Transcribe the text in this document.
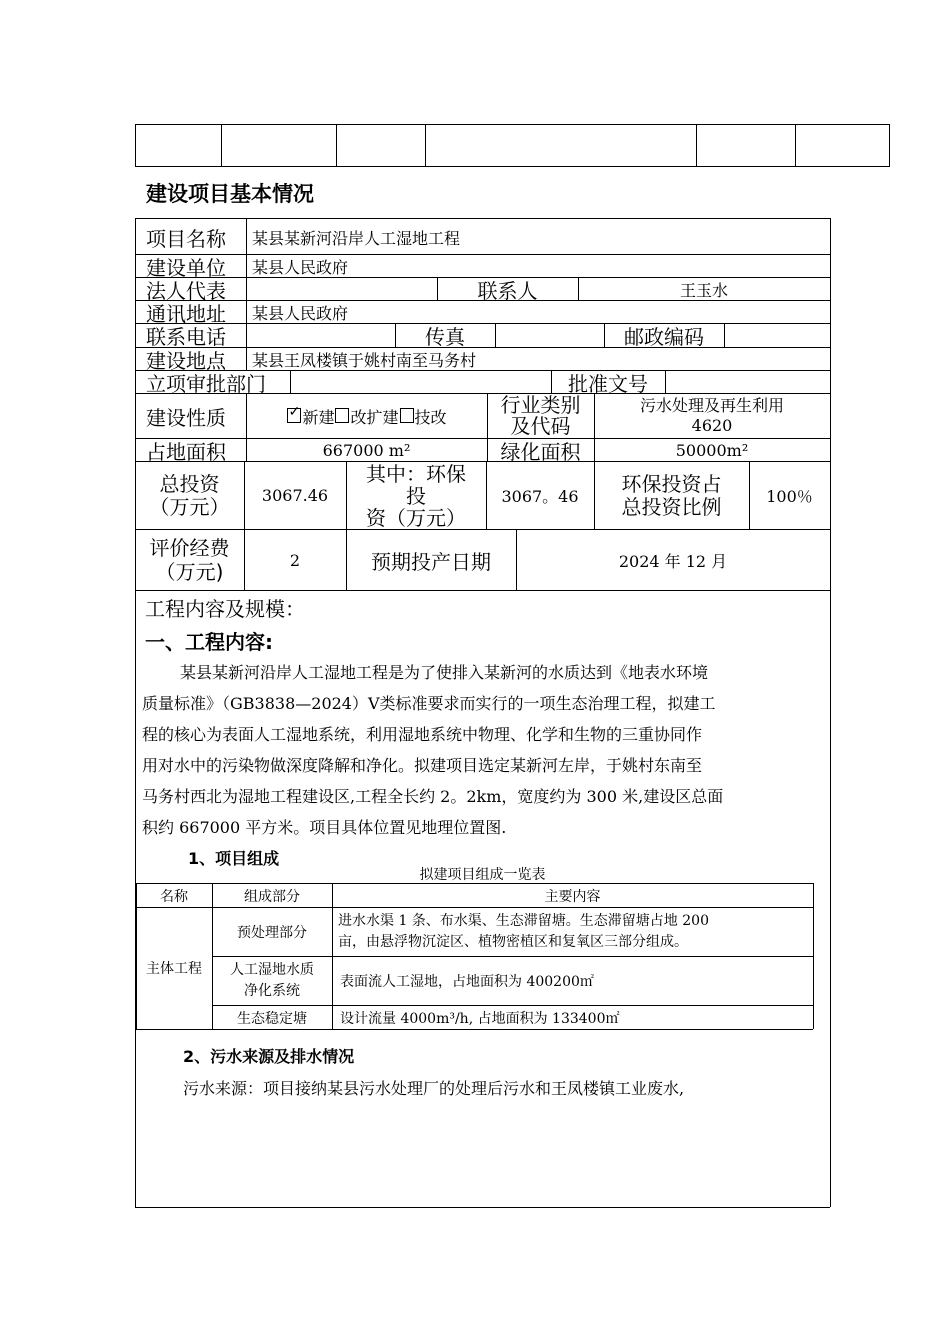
建设项目基本情况
项目名称 某县某新河沿岸人工湿地工程
建设单位 某县人民政府
法人代表	联系人	王玉水
通讯地址 某县人民政府
联系电话	传真	邮政编码
建设地点 某县王凤楼镇于姚村南至马务村
立项审批部门	批准文号
建设性质
✓	新建 改扩建 技改	行业类别
及代码
污水处理及再生利用
4620
占地面积	667000 m²	绿化面积	50000m²
总投资
（万元）	3067.46
其中：环保
投
资（万元）
3067。46
环保投资占
总投资比例	100％
评价经费
（万元)	2	预期投产日期	2024 年 12 月
工程内容及规模：
一、工程内容:
某县某新河沿岸人工湿地工程是为了使排入某新河的水质达到《地表水环境
质量标准》（GB3838—2024）Ⅴ类标准要求而实行的一项生态治理工程，拟建工
程的核心为表面人工湿地系统，利用湿地系统中物理、化学和生物的三重协同作
用对水中的污染物做深度降解和净化。拟建项目选定某新河左岸，于姚村东南至
马务村西北为湿地工程建设区,工程全长约 2。2km，宽度约为 300 米,建设区总面
积约 667000 平方米。项目具体位置见地理位置图.
1、项目组成
拟建项目组成一览表
名称	组成部分	主要内容
主体工程
预处理部分
进水水渠 1 条、布水渠、生态滞留塘。生态滞留塘占地 200
亩，由悬浮物沉淀区、植物密植区和复氧区三部分组成。
人工湿地水质
净化系统
表面流人工湿地，占地面积为 400200㎡
生态稳定塘	设计流量 4000m³/h, 占地面积为 133400㎡
2、污水来源及排水情况
污水来源：项目接纳某县污水处理厂的处理后污水和王凤楼镇工业废水,
